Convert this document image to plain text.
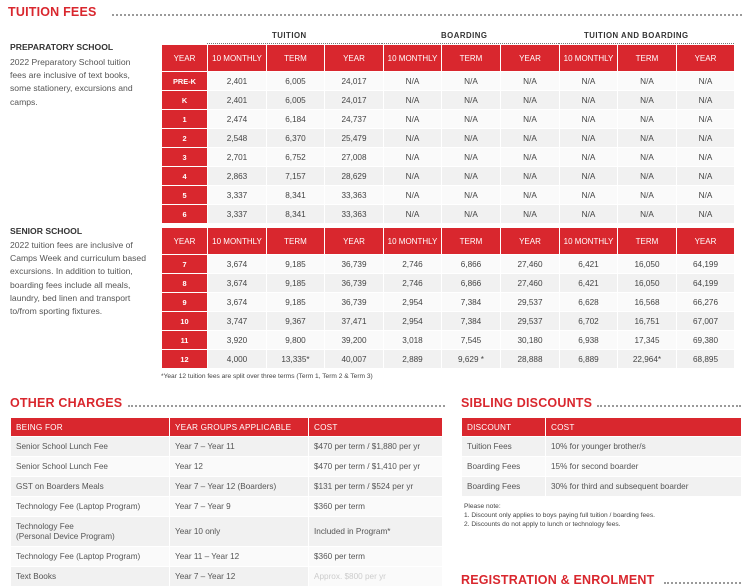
TUITION FEES
TUITION	BOARDING	TUITION AND BOARDING
PREPARATORY SCHOOL
2022 Preparatory School tuition fees are inclusive of text books, some stationery, excursions and camps.
SENIOR SCHOOL
2022 tuition fees are inclusive of Camps Week and curriculum based excursions. In addition to tuition, boarding fees include all meals, laundry, bed linen and transport to/from sporting fixtures.
YEAR	10 MONTHLY	TERM	YEAR	10 MONTHLY	TERM	YEAR	10 MONTHLY	TERM	YEAR
PRE-K	2,401	6,005	24,017	N/A	N/A	N/A	N/A	N/A	N/A
K	2,401	6,005	24,017	N/A	N/A	N/A	N/A	N/A	N/A
1	2,474	6,184	24,737	N/A	N/A	N/A	N/A	N/A	N/A
2	2,548	6,370	25,479	N/A	N/A	N/A	N/A	N/A	N/A
3	2,701	6,752	27,008	N/A	N/A	N/A	N/A	N/A	N/A
4	2,863	7,157	28,629	N/A	N/A	N/A	N/A	N/A	N/A
5	3,337	8,341	33,363	N/A	N/A	N/A	N/A	N/A	N/A
6	3,337	8,341	33,363	N/A	N/A	N/A	N/A	N/A	N/A
YEAR	10 MONTHLY	TERM	YEAR	10 MONTHLY	TERM	YEAR	10 MONTHLY	TERM	YEAR
7	3,674	9,185	36,739	2,746	6,866	27,460	6,421	16,050	64,199
8	3,674	9,185	36,739	2,746	6,866	27,460	6,421	16,050	64,199
9	3,674	9,185	36,739	2,954	7,384	29,537	6,628	16,568	66,276
10	3,747	9,367	37,471	2,954	7,384	29,537	6,702	16,751	67,007
11	3,920	9,800	39,200	3,018	7,545	30,180	6,938	17,345	69,380
12	4,000	13,335*	40,007	2,889	9,629 *	28,888	6,889	22,964*	68,895
*Year 12 tuition fees are split over three terms (Term 1, Term 2 & Term 3)
OTHER CHARGES
BEING FOR	YEAR GROUPS APPLICABLE	COST
Senior School Lunch Fee	Year 7 – Year 11	$470 per term / $1,880 per yr
Senior School Lunch Fee	Year 12	$470 per term / $1,410 per yr
GST on Boarders Meals	Year 7 – Year 12 (Boarders)	$131 per term / $524 per yr
Technology Fee (Laptop Program)	Year 7 – Year 9	$360 per term

Technology Fee
(Personal Device Program)	Year 10 only	Included in Program*
Technology Fee (Laptop Program)	Year 11 – Year 12	$360 per term
Text Books	Year 7 – Year 12	Approx. $800 per yr
SIBLING DISCOUNTS
DISCOUNT	COST
Tuition Fees	10% for younger brother/s
Boarding Fees	15% for second boarder
Boarding Fees	30% for third and subsequent boarder
Please note:
1. Discount only applies to boys paying full tuition / boarding fees.
2. Discounts do not apply to lunch or technology fees.
REGISTRATION & ENROLMENT
